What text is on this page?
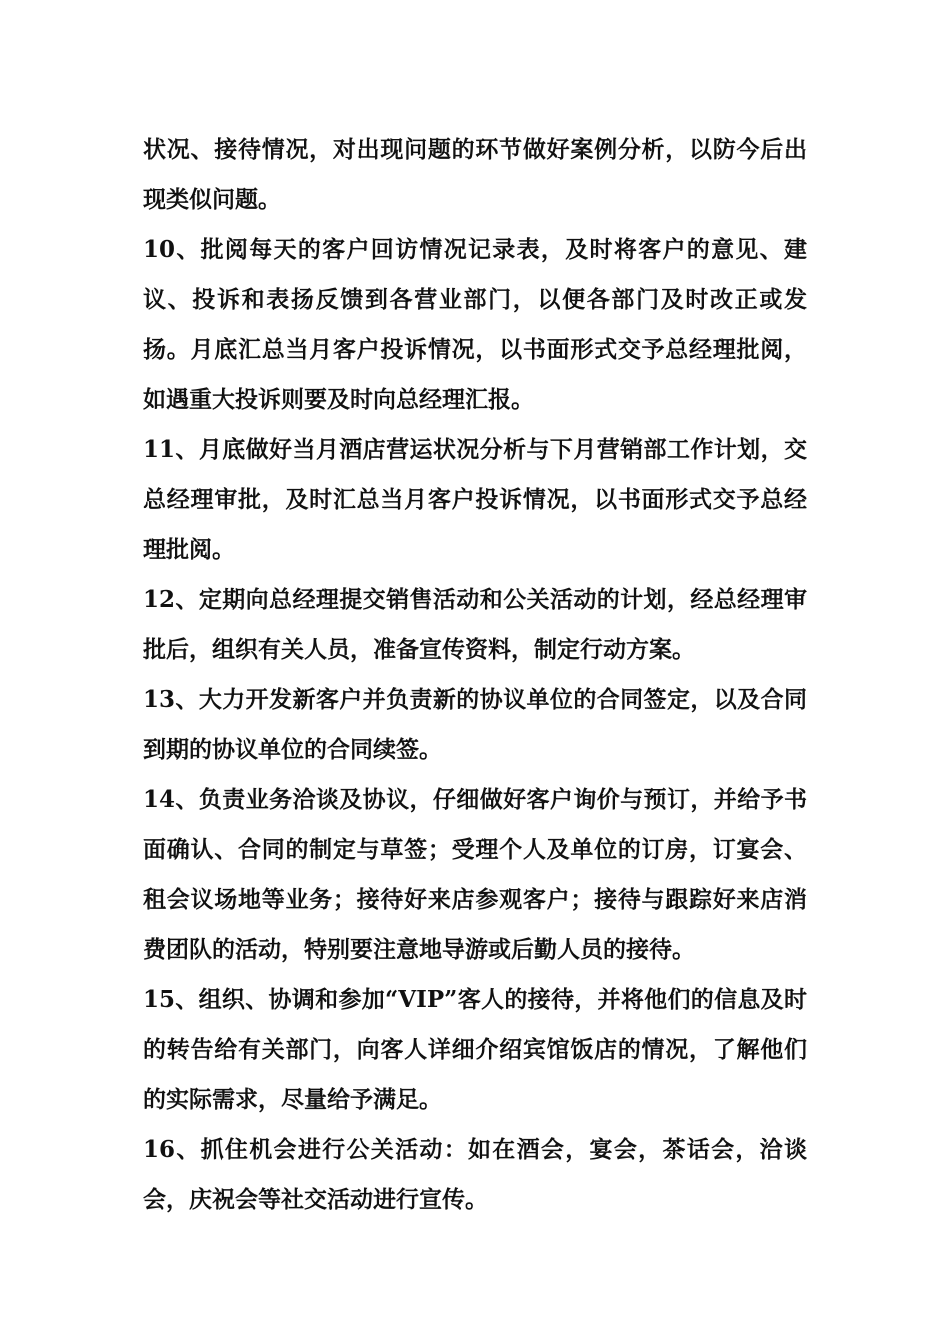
状况、接待情况，对出现问题的环节做好案例分析，以防今后出现类似问题。

10、批阅每天的客户回访情况记录表，及时将客户的意见、建议、投诉和表扬反馈到各营业部门，以便各部门及时改正或发扬。月底汇总当月客户投诉情况，以书面形式交予总经理批阅，如遇重大投诉则要及时向总经理汇报。

11、月底做好当月酒店营运状况分析与下月营销部工作计划，交总经理审批，及时汇总当月客户投诉情况，以书面形式交予总经理批阅。

12、定期向总经理提交销售活动和公关活动的计划，经总经理审批后，组织有关人员，准备宣传资料，制定行动方案。

13、大力开发新客户并负责新的协议单位的合同签定，以及合同到期的协议单位的合同续签。

14、负责业务洽谈及协议，仔细做好客户询价与预订，并给予书面确认、合同的制定与草签；受理个人及单位的订房，订宴会、租会议场地等业务；接待好来店参观客户；接待与跟踪好来店消费团队的活动，特别要注意地导游或后勤人员的接待。

15、组织、协调和参加“VIP”客人的接待，并将他们的信息及时的转告给有关部门，向客人详细介绍宾馆饭店的情况，了解他们的实际需求，尽量给予满足。

16、抓住机会进行公关活动：如在酒会，宴会，茶话会，洽谈会，庆祝会等社交活动进行宣传。
